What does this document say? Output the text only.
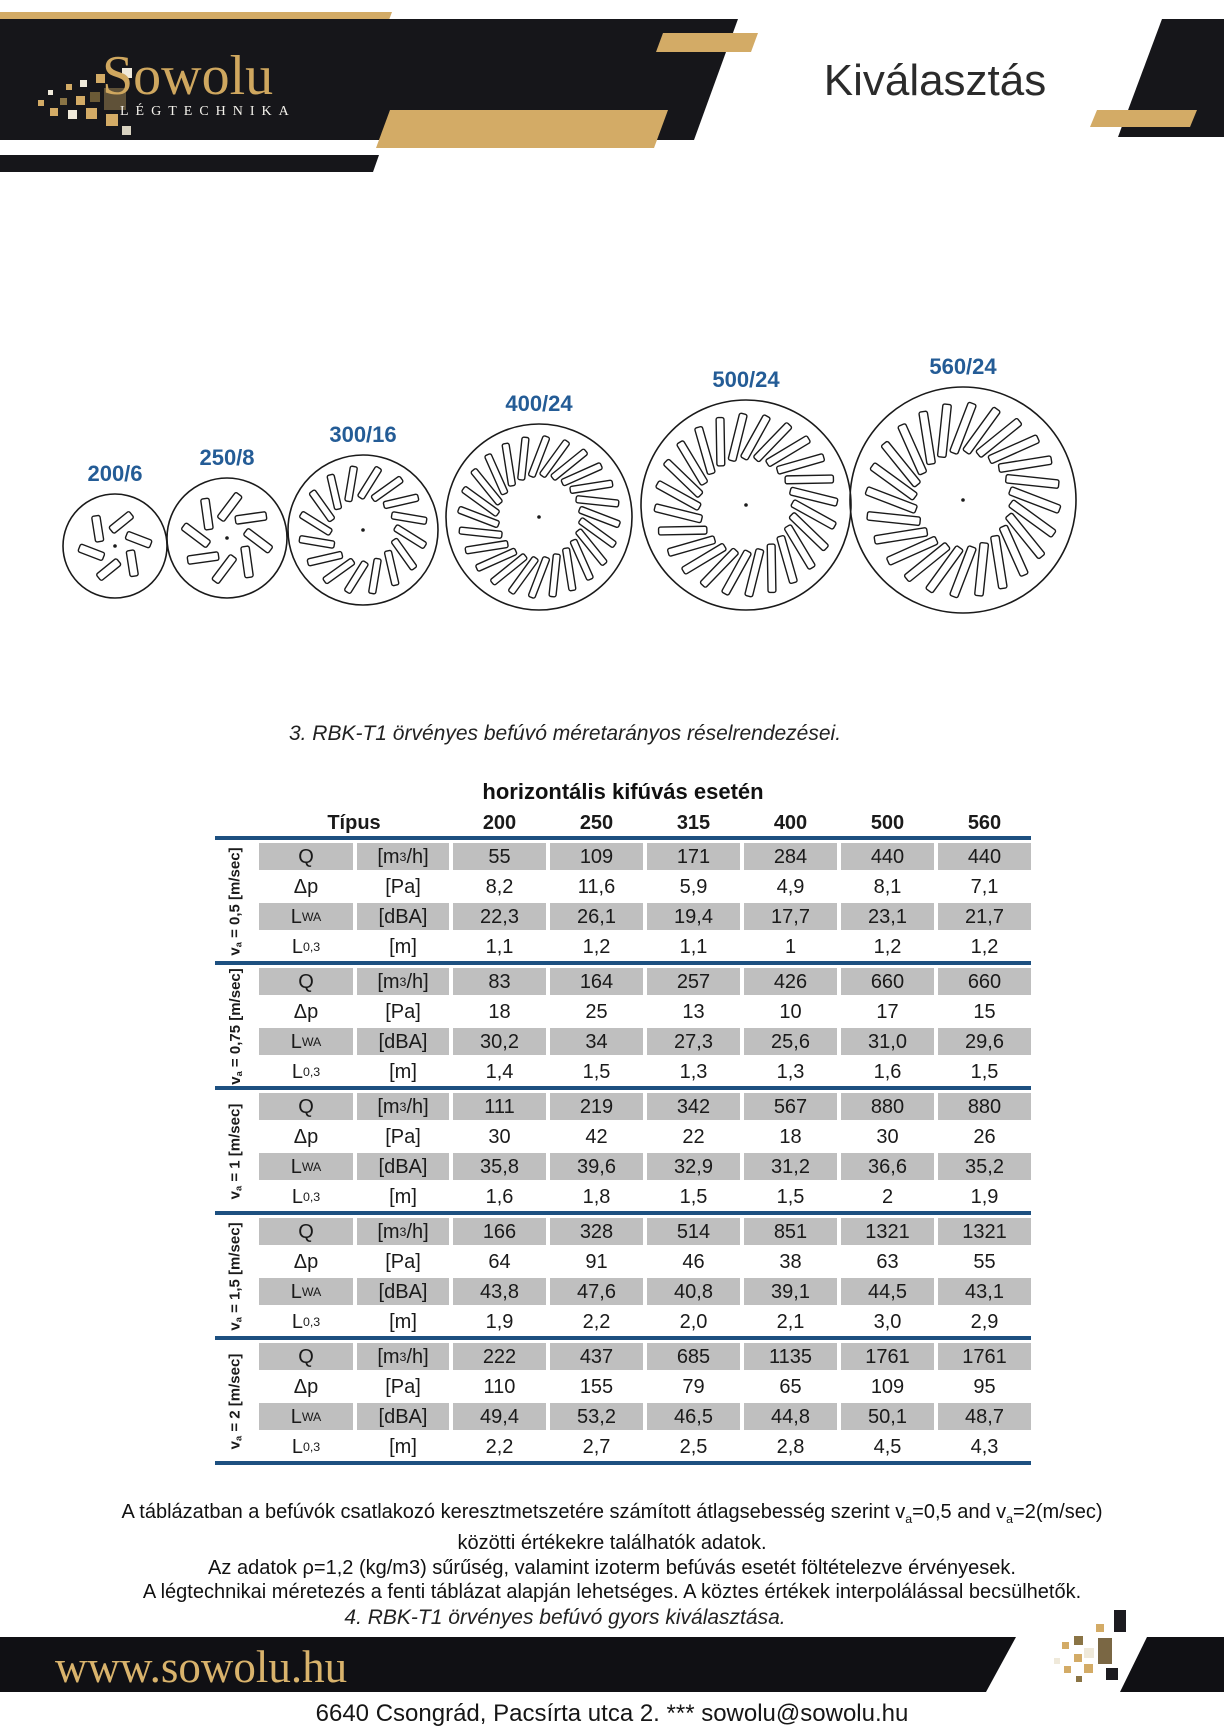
Sowolu
LÉGTECHNIKA
Kiválasztás
200/6
250/8
300/16
400/24
500/24
560/24
3. RBK-T1 örvényes befúvó méretarányos réselrendezései.
horizontális kifúvás esetén
Típus	200	250	315	400	500	560
$v_a = 0,5$ [m/sec]	Q	[m 3 /h]	55	109	171	284	440	440
Δp	[Pa]	8,2	11,6	5,9	4,9	8,1	7,1
L WA	[dBA]	22,3	26,1	19,4	17,7	23,1	21,7
L 0,3	[m]	1,1	1,2	1,1	1	1,2	1,2
$v_a = 0,75$ [m/sec]	Q	[m 3 /h]	83	164	257	426	660	660
Δp	[Pa]	18	25	13	10	17	15
L WA	[dBA]	30,2	34	27,3	25,6	31,0	29,6
L 0,3	[m]	1,4	1,5	1,3	1,3	1,6	1,5
$v_a = 1$ [m/sec]	Q	[m 3 /h]	111	219	342	567	880	880
Δp	[Pa]	30	42	22	18	30	26
L WA	[dBA]	35,8	39,6	32,9	31,2	36,6	35,2
L 0,3	[m]	1,6	1,8	1,5	1,5	2	1,9
$v_a = 1,5$ [m/sec]	Q	[m 3 /h]	166	328	514	851	1321	1321
Δp	[Pa]	64	91	46	38	63	55
L WA	[dBA]	43,8	47,6	40,8	39,1	44,5	43,1
L 0,3	[m]	1,9	2,2	2,0	2,1	3,0	2,9
$v_a = 2$ [m/sec]	Q	[m 3 /h]	222	437	685	1135	1761	1761
Δp	[Pa]	110	155	79	65	109	95
L WA	[dBA]	49,4	53,2	46,5	44,8	50,1	48,7
L 0,3	[m]	2,2	2,7	2,5	2,8	4,5	4,3
A táblázatban a befúvók csatlakozó keresztmetszetére számított átlagsebesség szerint $v_a=0,5$ and $v_a=2(m/\sec)$
közötti értékekre találhatók adatok.
Az adatok ρ=1,2 (kg/m3) sűrűség, valamint izoterm befúvás esetét föltételezve érvényesek.
A légtechnikai méretezés a fenti táblázat alapján lehetséges. A köztes értékek interpolálással becsülhetők.
4. RBK-T1 örvényes befúvó gyors kiválasztása.
www.sowolu.hu
6640 Csongrád, Pacsírta utca 2. *** sowolu@sowolu.hu
